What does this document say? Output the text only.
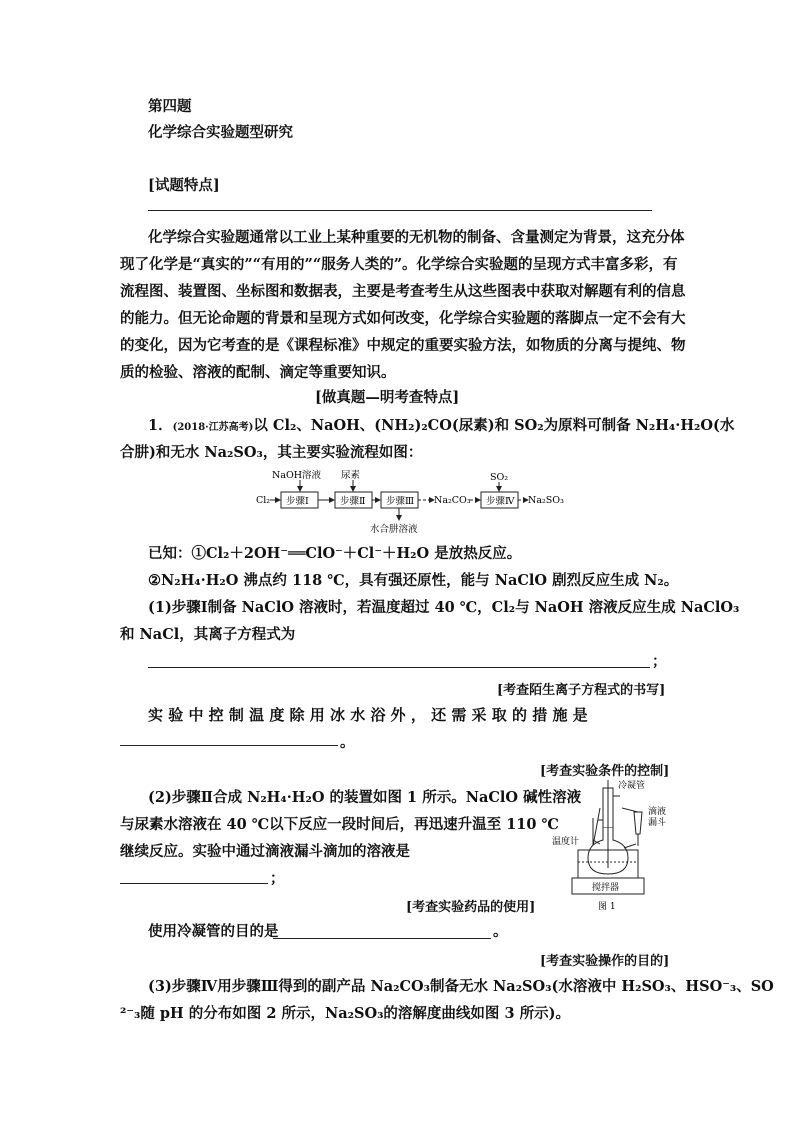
第四题
化学综合实验题型研究
[试题特点]
化学综合实验题通常以工业上某种重要的无机物的制备、含量测定为背景，这充分体
现了化学是“真实的”“有用的”“服务人类的”。化学综合实验题的呈现方式丰富多彩，有
流程图、装置图、坐标图和数据表，主要是考查考生从这些图表中获取对解题有利的信息
的能力。但无论命题的背景和呈现方式如何改变，化学综合实验题的落脚点一定不会有大
的变化，因为它考查的是《课程标准》中规定的重要实验方法，如物质的分离与提纯、物
质的检验、溶液的配制、滴定等重要知识。
[做真题—明考查特点]
1．(2018·江苏高考)以 Cl₂、NaOH、(NH₂)₂CO(尿素)和 SO₂为原料可制备 N₂H₄·H₂O(水
合肼)和无水 Na₂SO₃，其主要实验流程如图：
Cl₂ 步骤Ⅰ	步骤Ⅱ 步骤Ⅲ Na₂CO₃ 步骤Ⅳ Na₂SO₃
NaOH溶液 尿素	SO₂
水合肼溶液
已知：①Cl₂＋2OH⁻══ClO⁻＋Cl⁻＋H₂O 是放热反应。
②N₂H₄·H₂O 沸点约 118 ℃，具有强还原性，能与 NaClO 剧烈反应生成 N₂。
(1)步骤Ⅰ制备 NaClO 溶液时，若温度超过 40 ℃，Cl₂与 NaOH 溶液反应生成 NaClO₃
和 NaCl，其离子方程式为
；
[考查陌生离子方程式的书写]
实 验 中 控 制 温 度 除 用 冰 水 浴 外 ， 还 需 采 取 的 措 施 是
。
[考查实验条件的控制]
(2)步骤Ⅱ合成 N₂H₄·H₂O 的装置如图 1 所示。NaClO 碱性溶液
与尿素水溶液在 40 ℃以下反应一段时间后，再迅速升温至 110 ℃
继续反应。实验中通过滴液漏斗滴加的溶液是
；
[考查实验药品的使用]
使用冷凝管的目的是	。
[考查实验操作的目的]
冷凝管
滴液
漏斗
温度计
搅拌器
图 1
(3)步骤Ⅳ用步骤Ⅲ得到的副产品 Na₂CO₃制备无水 Na₂SO₃(水溶液中 H₂SO₃、HSO⁻₃、SO
²⁻₃随 pH 的分布如图 2 所示，Na₂SO₃的溶解度曲线如图 3 所示)。
